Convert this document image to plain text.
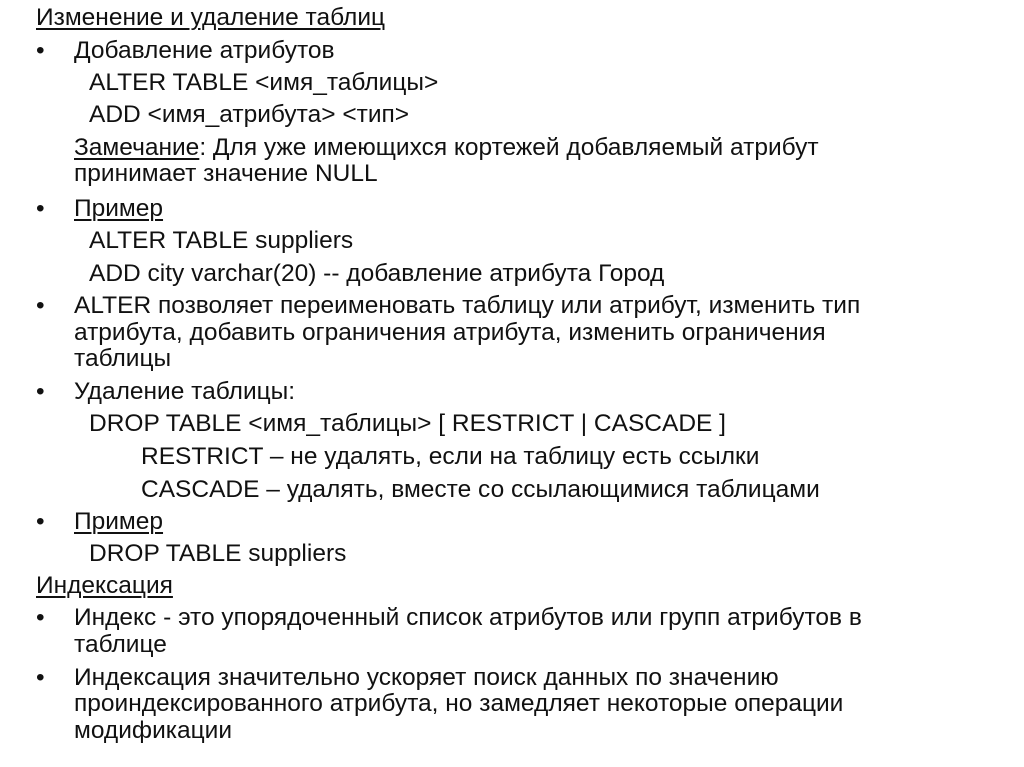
Изменение и удаление таблиц
• Добавление атрибутов
ALTER TABLE <имя_таблицы>
ADD <имя_атрибута> <тип>
Замечание: Для уже имеющихся кортежей добавляемый атрибут
принимает значение NULL
• Пример
ALTER TABLE suppliers
ADD city varchar(20) -- добавление атрибута Город
• ALTER позволяет переименовать таблицу или атрибут, изменить тип
атрибута, добавить ограничения атрибута, изменить ограничения
таблицы
• Удаление таблицы:
DROP TABLE <имя_таблицы> [ RESTRICT | CASCADE ]
RESTRICT – не удалять, если на таблицу есть ссылки
CASCADE – удалять, вместе со ссылающимися таблицами
• Пример
DROP TABLE suppliers
Индексация
• Индекс - это упорядоченный список атрибутов или групп атрибутов в
таблице
• Индексация значительно ускоряет поиск данных по значению
проиндексированного атрибута, но замедляет некоторые операции
модификации
